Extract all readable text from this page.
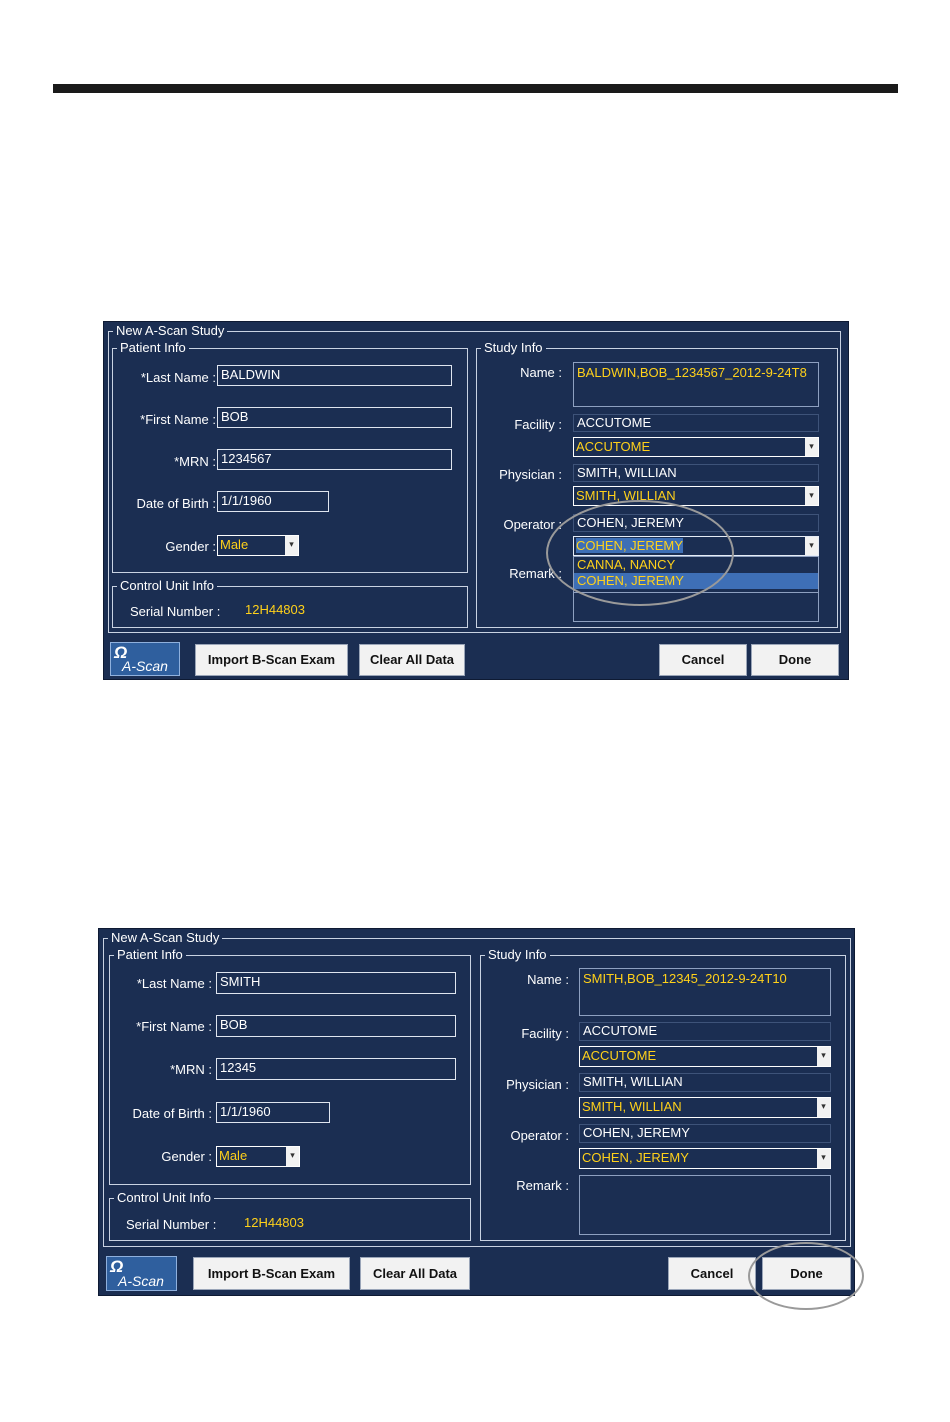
New A-Scan Study
Patient Info
*Last Name : BALDWIN
*First Name : BOB
*MRN : 1234567
Date of Birth : 1/1/1960
Gender : Male	▾
Control Unit Info
Serial Number : 12H44803
Study Info
Name :	BALDWIN,BOB_1234567_2012-9-24T8
Facility :	ACCUTOME
ACCUTOME	▾
Physician :	SMITH, WILLIAN
SMITH, WILLIAN	▾
Operator :	COHEN, JEREMY
COHEN, JEREMY	▾
CANNA, NANCY
COHEN, JEREMY
Remark :
Ω
A-Scan	Import B-Scan Exam	Clear All Data	Cancel	Done
New A-Scan Study
Patient Info
*Last Name : SMITH
*First Name : BOB
*MRN : 12345
Date of Birth : 1/1/1960
Gender : Male	▾
Control Unit Info
Serial Number : 12H44803
Study Info
Name :	SMITH,BOB_12345_2012-9-24T10
Facility :	ACCUTOME
ACCUTOME	▾
Physician :	SMITH, WILLIAN
SMITH, WILLIAN	▾
Operator :	COHEN, JEREMY
COHEN, JEREMY	▾
Remark :
Ω
A-Scan	Import B-Scan Exam	Clear All Data	Cancel	Done
